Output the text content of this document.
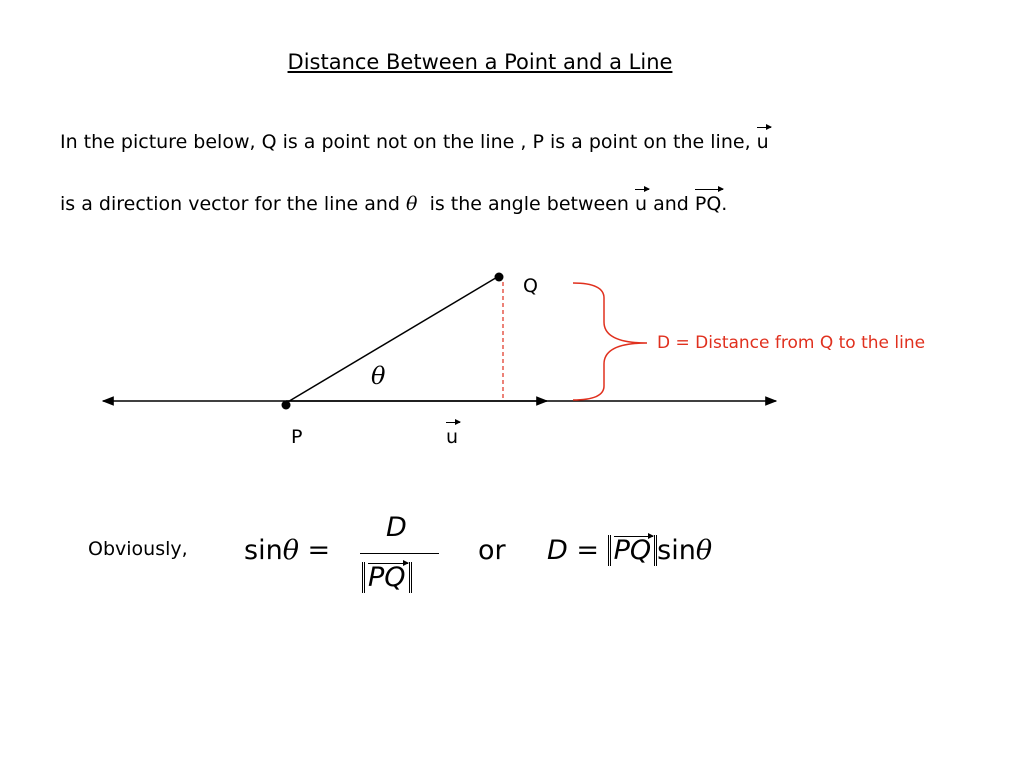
Distance Between a Point and a Line
In the picture below, Q is a point not on the line , P is a point on the line, u
is a direction vector for the line and θ is the angle between u and PQ.
Q
P	u
θ
D = Distance from Q to the line
Obviously, sinθ =
D
PQ
or D = PQ sinθ
